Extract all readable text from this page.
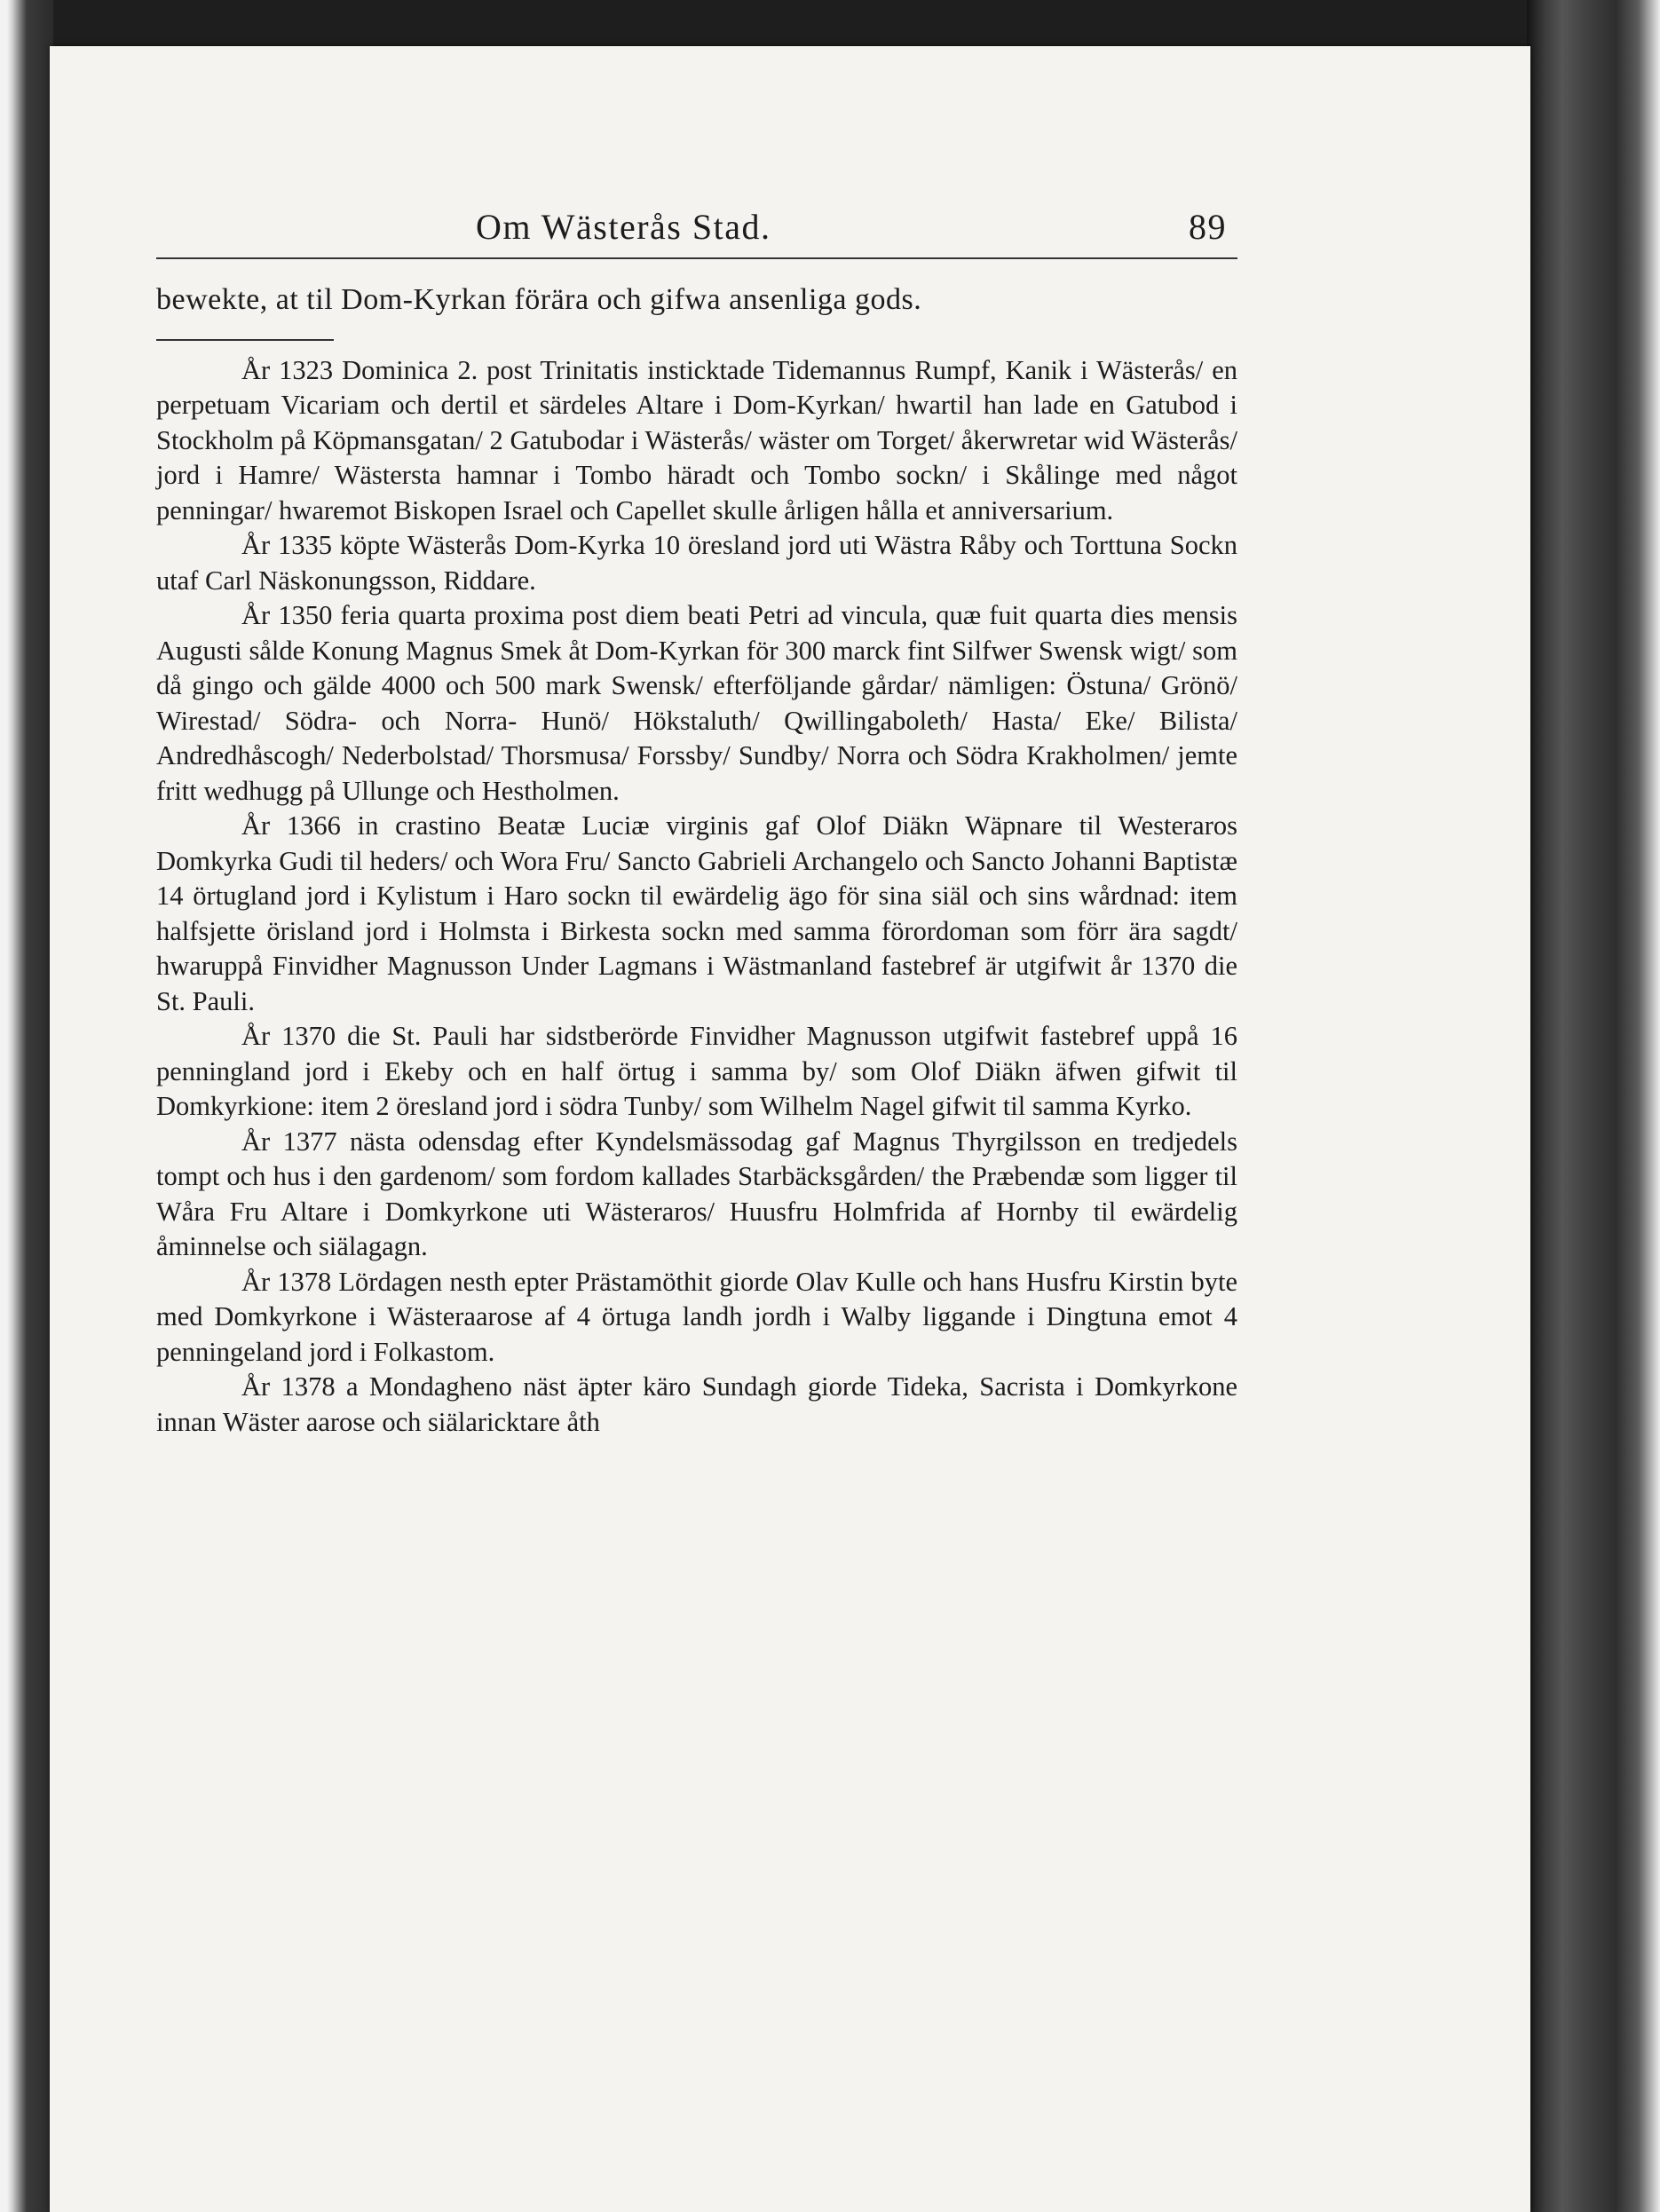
Om Wästerås Stad.	89

bewekte, at til Dom-Kyrkan förära och gifwa ansenliga gods.

År 1323 Dominica 2. post Trinitatis insticktade Tidemannus Rumpf, Kanik i Wästerås/ en perpetuam Vicariam och dertil et särdeles Altare i Dom-Kyrkan/ hwartil han lade en Gatubod i Stockholm på Köpmansgatan/ 2 Gatubodar i Wästerås/ wäster om Torget/ åkerwretar wid Wästerås/ jord i Hamre/ Wästersta hamnar i Tombo häradt och Tombo sockn/ i Skålinge med något penningar/ hwaremot Biskopen Israel och Capellet skulle årligen hålla et anniversarium.

År 1335 köpte Wästerås Dom-Kyrka 10 öresland jord uti Wästra Råby och Torttuna Sockn utaf Carl Näskonungsson, Riddare.

År 1350 feria quarta proxima post diem beati Petri ad vincula, quæ fuit quarta dies mensis Augusti sålde Konung Magnus Smek åt Dom-Kyrkan för 300 marck fint Silfwer Swensk wigt/ som då gingo och gälde 4000 och 500 mark Swensk/ efterföljande gårdar/ nämligen: Östuna/ Grönö/ Wirestad/ Södra- och Norra- Hunö/ Hökstaluth/ Qwillingaboleth/ Hasta/ Eke/ Bilista/ Andredhåscogh/ Nederbolstad/ Thorsmusa/ Forssby/ Sundby/ Norra och Södra Krakholmen/ jemte fritt wedhugg på Ullunge och Hestholmen.

År 1366 in crastino Beatæ Luciæ virginis gaf Olof Diäkn Wäpnare til Westeraros Domkyrka Gudi til heders/ och Wora Fru/ Sancto Gabrieli Archangelo och Sancto Johanni Baptistæ 14 örtugland jord i Kylistum i Haro sockn til ewärdelig ägo för sina siäl och sins wårdnad: item halfsjette örisland jord i Holmsta i Birkesta sockn med samma förordoman som förr ära sagdt/ hwaruppå Finvidher Magnusson Under Lagmans i Wästmanland fastebref är utgifwit år 1370 die St. Pauli.

År 1370 die St. Pauli har sidstberörde Finvidher Magnusson utgifwit fastebref uppå 16 penningland jord i Ekeby och en half örtug i samma by/ som Olof Diäkn äfwen gifwit til Domkyrkione: item 2 öresland jord i södra Tunby/ som Wilhelm Nagel gifwit til samma Kyrko.

År 1377 nästa odensdag efter Kyndelsmässodag gaf Magnus Thyrgilsson en tredjedels tompt och hus i den gardenom/ som fordom kallades Starbäcksgården/ the Præbendæ som ligger til Wåra Fru Altare i Domkyrkone uti Wästeraros/ Huusfru Holmfrida af Hornby til ewärdelig åminnelse och siälagagn.

År 1378 Lördagen nesth epter Prästamöthit giorde Olav Kulle och hans Husfru Kirstin byte med Domkyrkone i Wästeraarose af 4 örtuga landh jordh i Walby liggande i Dingtuna emot 4 penningeland jord i Folkastom.

År 1378 a Mondagheno näst äpter käro Sundagh giorde Tideka, Sacrista i Domkyrkone innan Wäster aarose och siälaricktare åth
